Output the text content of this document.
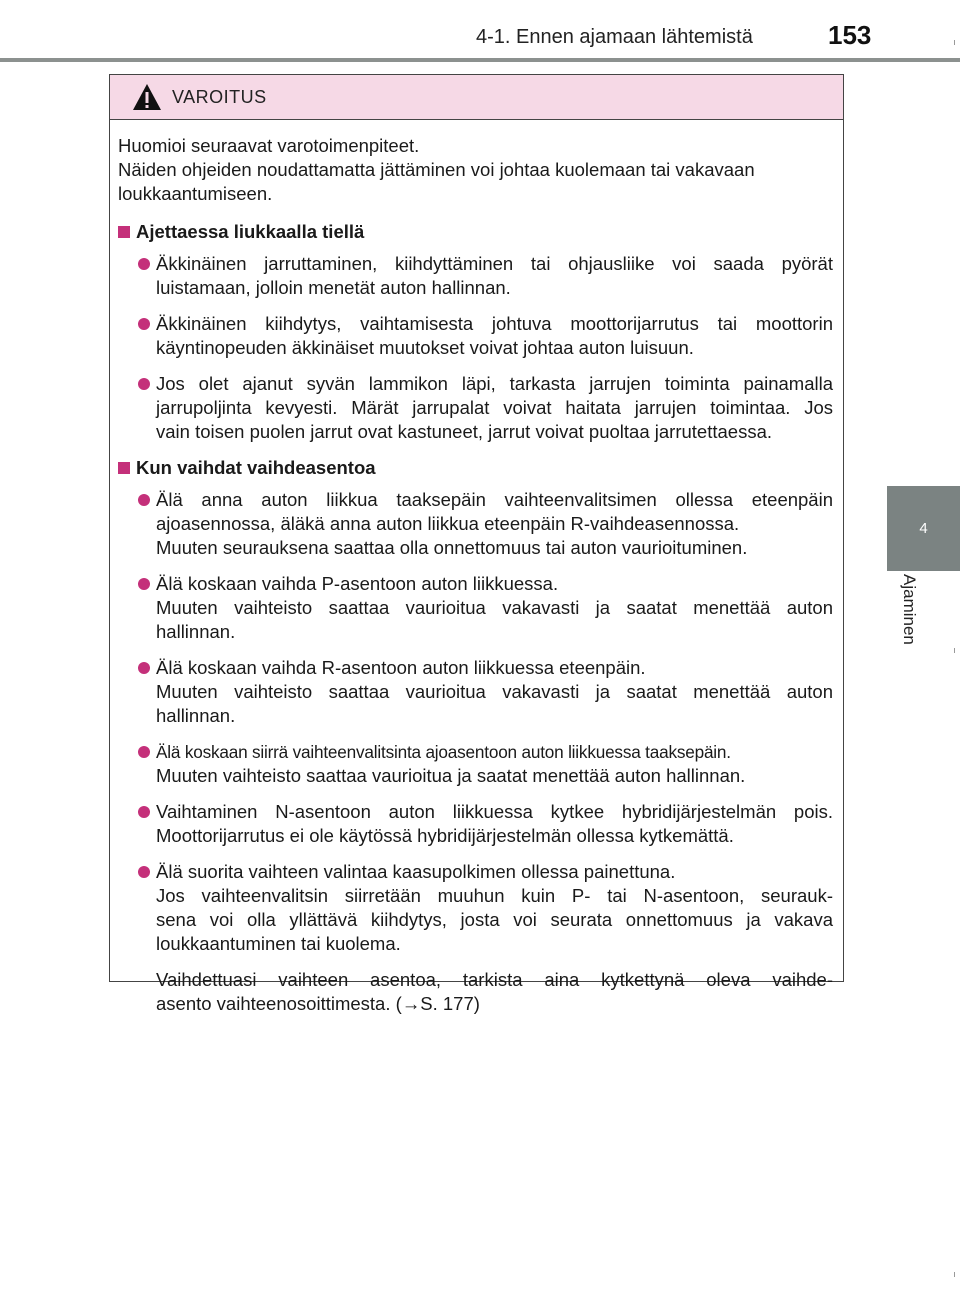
4-1. Ennen ajamaan lähtemistä	153
4
Ajaminen
VAROITUS
Huomioi seuraavat varotoimenpiteet.
Näiden ohjeiden noudattamatta jättäminen voi johtaa kuolemaan tai vakavaan
loukkaantumiseen.
Ajettaessa liukkaalla tiellä
Äkkinäinen jarruttaminen, kiihdyttäminen tai ohjausliike voi saada pyörät
luistamaan, jolloin menetät auton hallinnan.
Äkkinäinen kiihdytys, vaihtamisesta johtuva moottorijarrutus tai moottorin
käyntinopeuden äkkinäiset muutokset voivat johtaa auton luisuun.
Jos olet ajanut syvän lammikon läpi, tarkasta jarrujen toiminta painamalla
jarrupoljinta kevyesti. Märät jarrupalat voivat haitata jarrujen toimintaa. Jos
vain toisen puolen jarrut ovat kastuneet, jarrut voivat puoltaa jarrutettaessa.
Kun vaihdat vaihdeasentoa
Älä anna auton liikkua taaksepäin vaihteenvalitsimen ollessa eteenpäin
ajoasennossa, äläkä anna auton liikkua eteenpäin R-vaihdeasennossa.
Muuten seurauksena saattaa olla onnettomuus tai auton vaurioituminen.
Älä koskaan vaihda P-asentoon auton liikkuessa.
Muuten vaihteisto saattaa vaurioitua vakavasti ja saatat menettää auton
hallinnan.
Älä koskaan vaihda R-asentoon auton liikkuessa eteenpäin.
Muuten vaihteisto saattaa vaurioitua vakavasti ja saatat menettää auton
hallinnan.
Älä koskaan siirrä vaihteenvalitsinta ajoasentoon auton liikkuessa taaksepäin.
Muuten vaihteisto saattaa vaurioitua ja saatat menettää auton hallinnan.
Vaihtaminen N-asentoon auton liikkuessa kytkee hybridijärjestelmän pois.
Moottorijarrutus ei ole käytössä hybridijärjestelmän ollessa kytkemättä.
Älä suorita vaihteen valintaa kaasupolkimen ollessa painettuna.
Jos vaihteenvalitsin siirretään muuhun kuin P- tai N-asentoon, seurauk-
sena voi olla yllättävä kiihdytys, josta voi seurata onnettomuus ja vakava
loukkaantuminen tai kuolema.
Vaihdettuasi vaihteen asentoa, tarkista aina kytkettynä oleva vaihde-
asento vaihteenosoittimesta. (→S. 177)
